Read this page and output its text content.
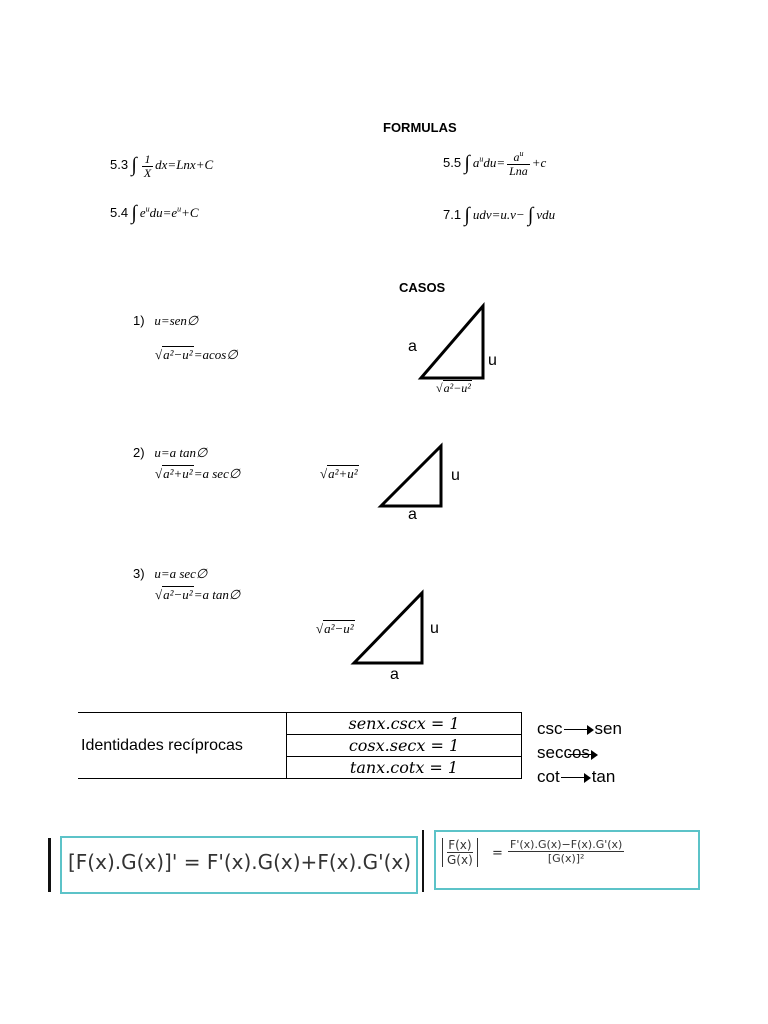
FORMULAS
5.3 ∫ $\frac{1}{X} dx=Lnx+C$
5.4 ∫ $e^udu=e^u+C$
5.5 ∫ $a^udu= \frac{a^u}{\text{Lna}} +c$
7.1 ∫ udv=u.v− ∫ vdu
CASOS
1) u=sen∅
√a²−u²=acos∅	a
u
√a²−u²
2) u=a tan∅
√a²+u²=a sec∅	√a²+u²	u
a
3) u=a sec∅
√a²−u²=a tan∅
√a²−u²	u
a
Identidades recíprocas	senx.cscx = 1
cosx.secx = 1
tanx.cotx = 1
csc sen
seccos
cot tan
[F(x).G(x)]' = F'(x).G(x)+F(x).G'(x)	$\frac{F(x)}{G(x)} = \frac{F'(x).G(x)-F(x).G'(x)}{\text{[G(x)]²}}$
